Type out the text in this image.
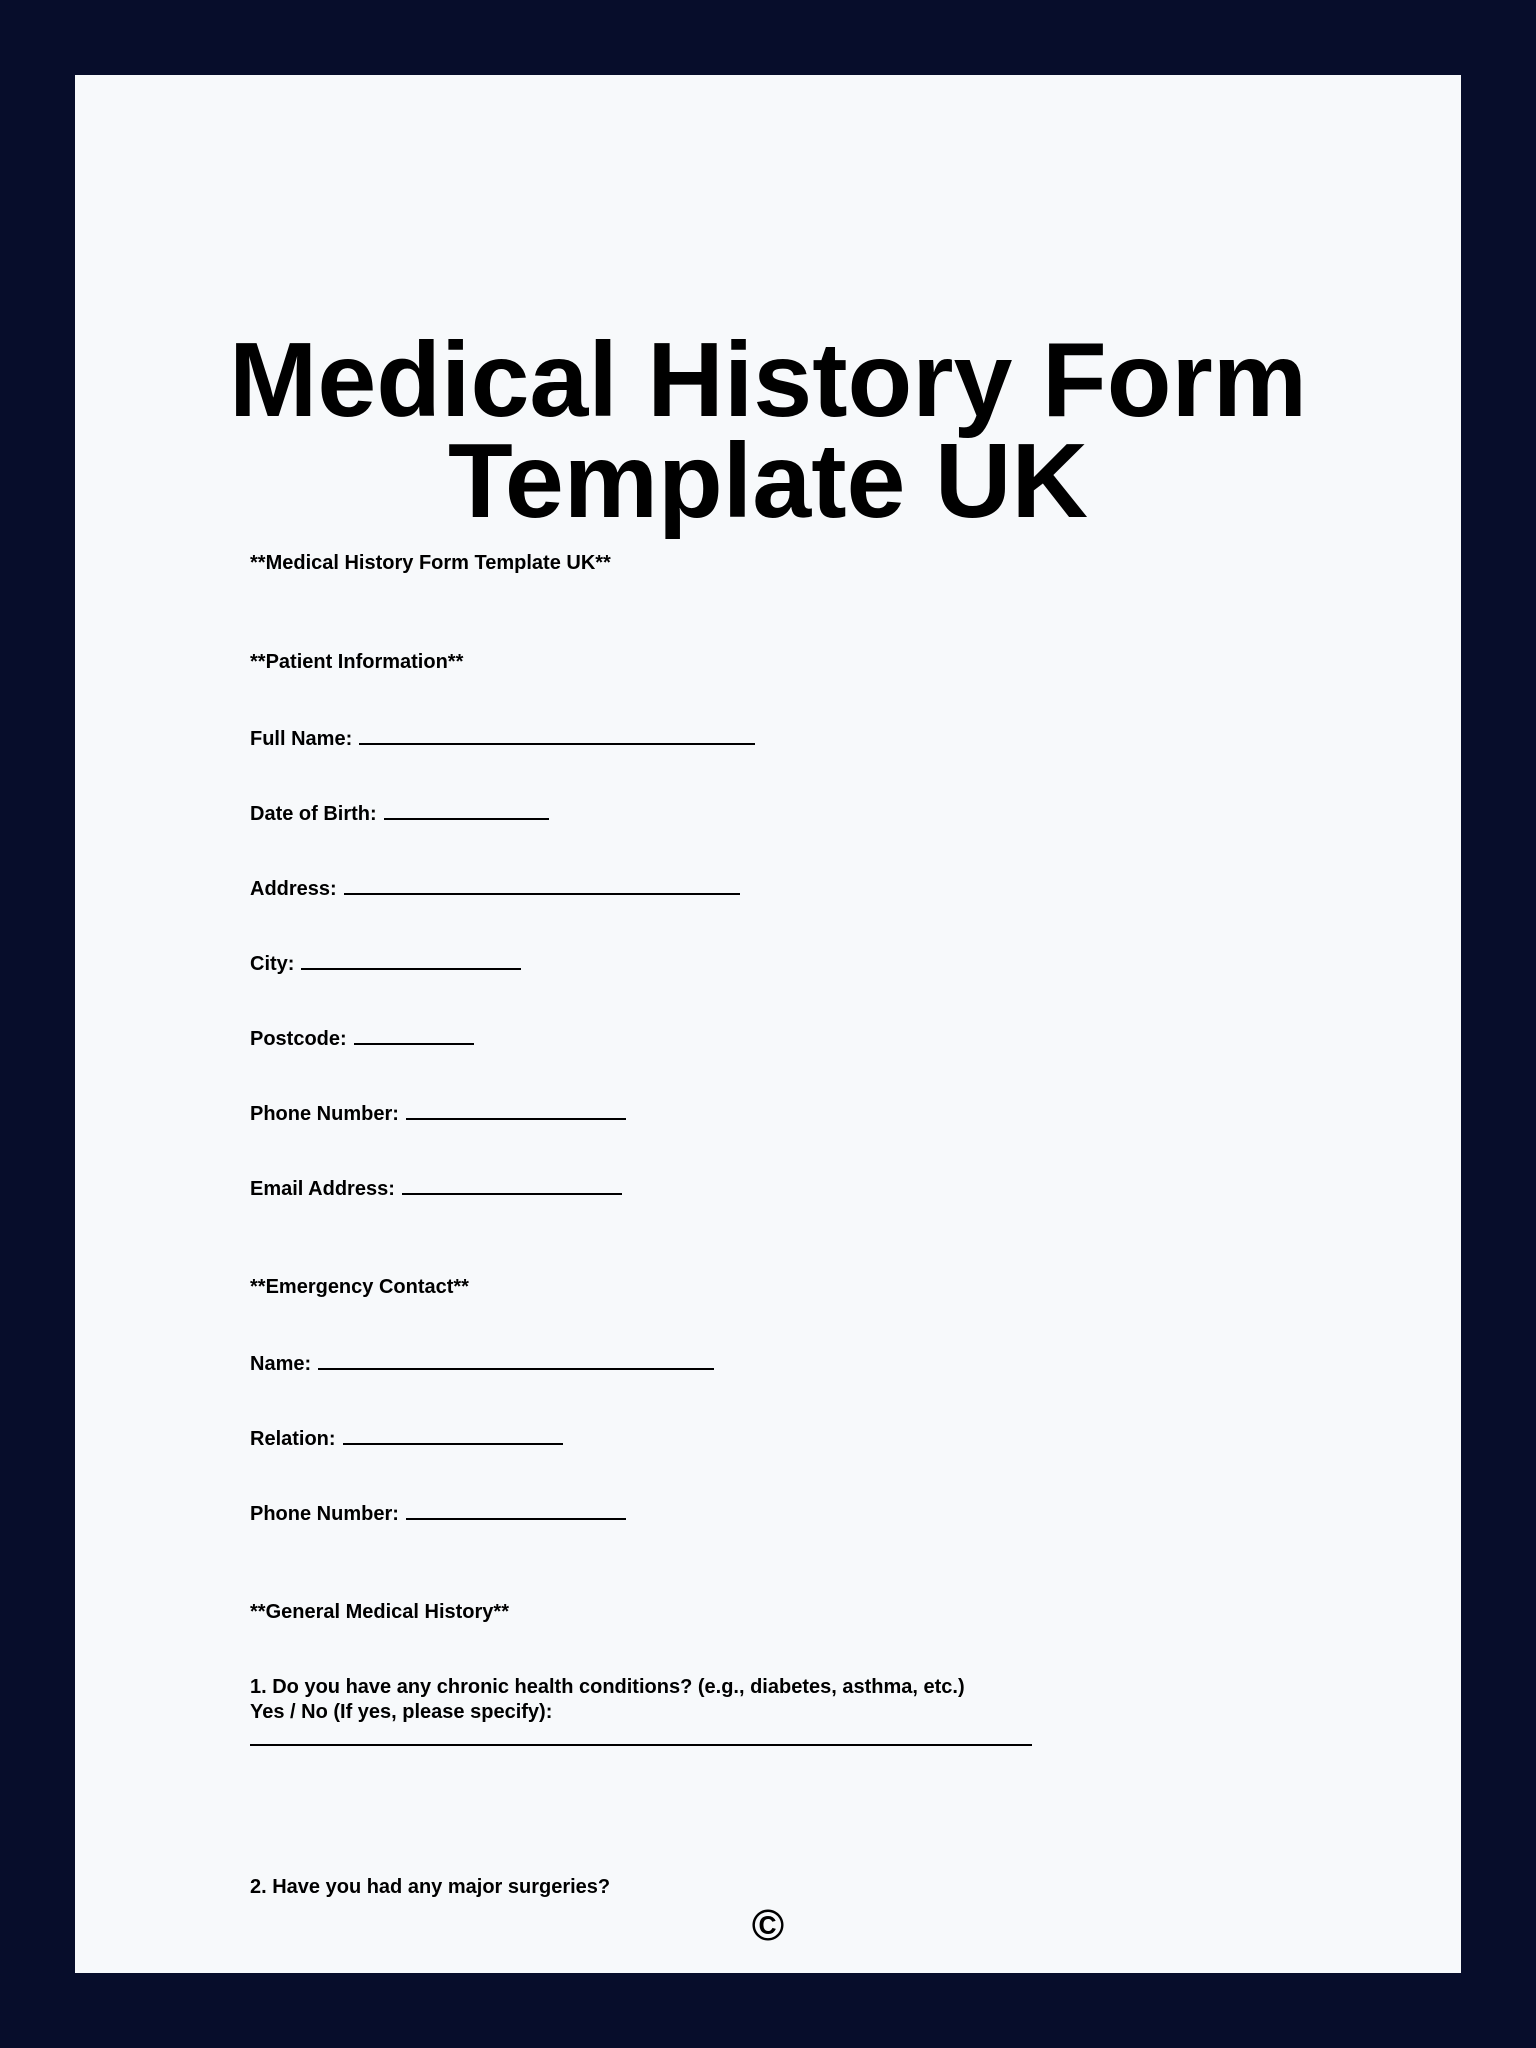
Medical History Form
Template UK
**Medical History Form Template UK**
**Patient Information**
Full Name:
Date of Birth:
Address:
City:
Postcode:
Phone Number:
Email Address:
**Emergency Contact**
Name:
Relation:
Phone Number:
**General Medical History**
1. Do you have any chronic health conditions? (e.g., diabetes, asthma, etc.)
Yes / No (If yes, please specify):
2. Have you had any major surgeries?
©
